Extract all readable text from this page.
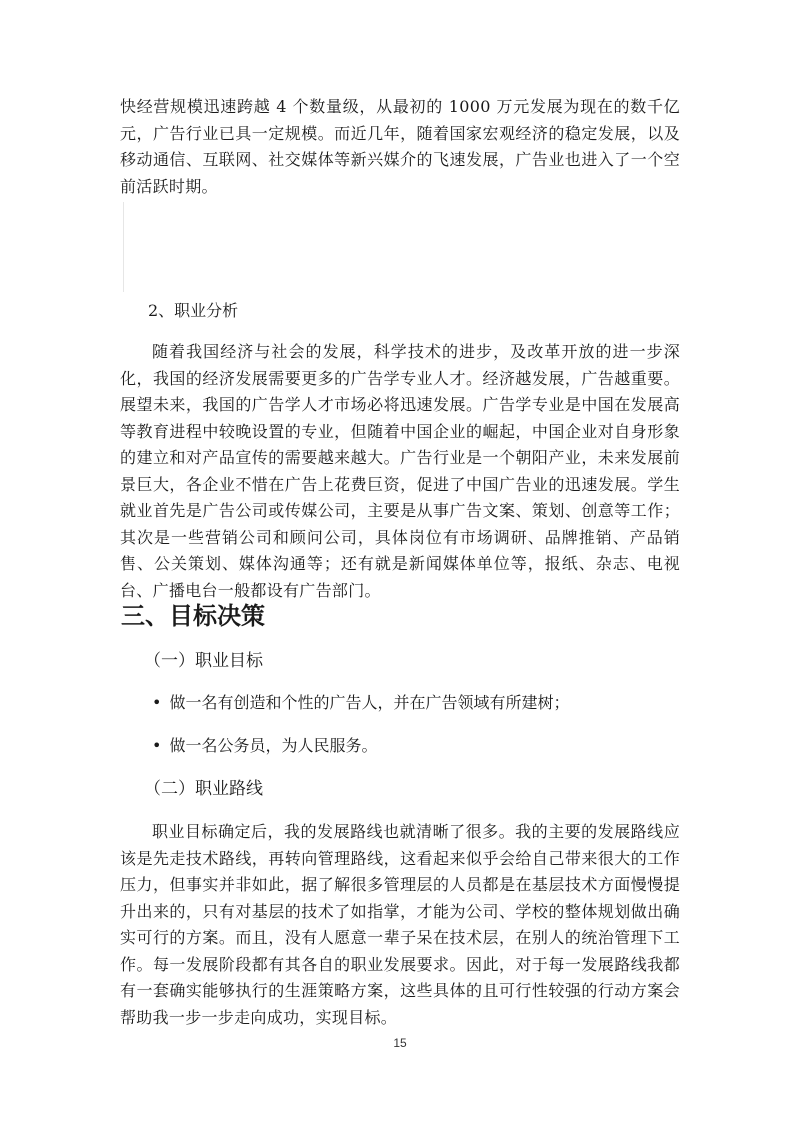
快经营规模迅速跨越 4 个数量级，从最初的 1000 万元发展为现在的数千亿元，广告行业已具一定规模。而近几年，随着国家宏观经济的稳定发展，以及移动通信、互联网、社交媒体等新兴媒介的飞速发展，广告业也进入了一个空前活跃时期。

2、职业分析

随着我国经济与社会的发展，科学技术的进步，及改革开放的进一步深化，我国的经济发展需要更多的广告学专业人才。经济越发展，广告越重要。展望未来，我国的广告学人才市场必将迅速发展。广告学专业是中国在发展高等教育进程中较晚设置的专业，但随着中国企业的崛起，中国企业对自身形象的建立和对产品宣传的需要越来越大。广告行业是一个朝阳产业，未来发展前景巨大，各企业不惜在广告上花费巨资，促进了中国广告业的迅速发展。学生就业首先是广告公司或传媒公司，主要是从事广告文案、策划、创意等工作；其次是一些营销公司和顾问公司，具体岗位有市场调研、品牌推销、产品销售、公关策划、媒体沟通等；还有就是新闻媒体单位等，报纸、杂志、电视台、广播电台一般都设有广告部门。

三、目标决策

（一）职业目标

• 做一名有创造和个性的广告人，并在广告领域有所建树；

• 做一名公务员，为人民服务。

（二）职业路线

职业目标确定后，我的发展路线也就清晰了很多。我的主要的发展路线应该是先走技术路线，再转向管理路线，这看起来似乎会给自己带来很大的工作压力，但事实并非如此，据了解很多管理层的人员都是在基层技术方面慢慢提升出来的，只有对基层的技术了如指掌，才能为公司、学校的整体规划做出确实可行的方案。而且，没有人愿意一辈子呆在技术层，在别人的统治管理下工作。每一发展阶段都有其各自的职业发展要求。因此，对于每一发展路线我都有一套确实能够执行的生涯策略方案，这些具体的且可行性较强的行动方案会帮助我一步一步走向成功，实现目标。

15
